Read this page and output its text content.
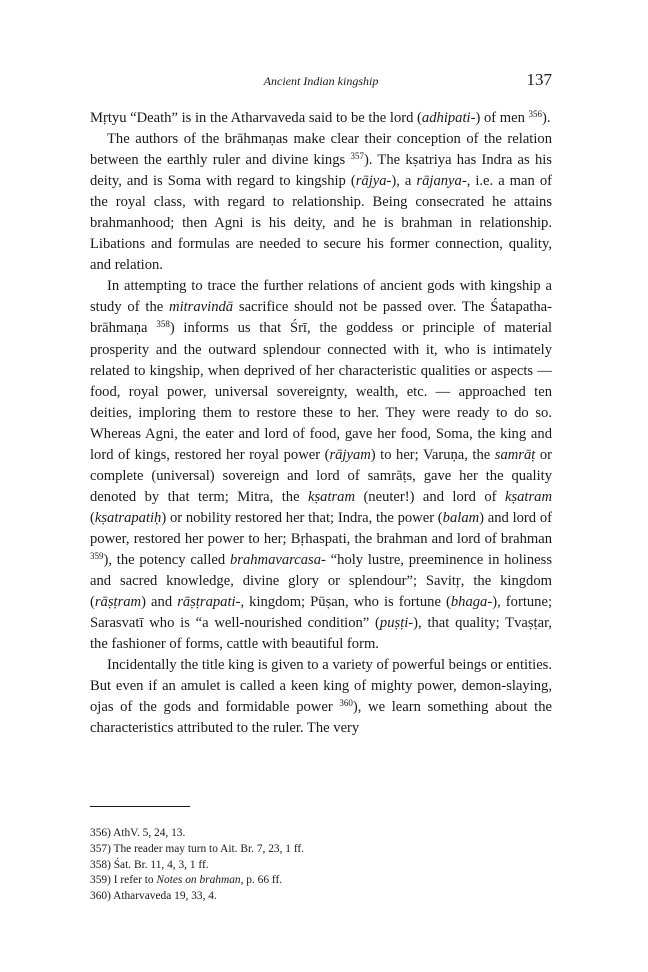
Ancient Indian kingship	137

Mṛtyu “Death” is in the Atharvaveda said to be the lord (adhipati-) of men $^{356}$).

The authors of the brāhmaṇas make clear their conception of the relation between the earthly ruler and divine kings $^{357}$). The kṣatriya has Indra as his deity, and is Soma with regard to kingship (rājya-), a rājanya-, i.e. a man of the royal class, with regard to relationship. Being consecrated he attains brahmanhood; then Agni is his deity, and he is brahman in relationship. Libations and formulas are needed to secure his former connection, quality, and relation.

In attempting to trace the further relations of ancient gods with kingship a study of the mitravindā sacrifice should not be passed over. The Śatapatha-brāhmaṇa $^{358}$) informs us that Śrī, the goddess or principle of material prosperity and the outward splendour connected with it, who is intimately related to kingship, when deprived of her characteristic qualities or aspects — food, royal power, universal sovereignty, wealth, etc. — approached ten deities, imploring them to restore these to her. They were ready to do so. Whereas Agni, the eater and lord of food, gave her food, Soma, the king and lord of kings, restored her royal power (rājyam) to her; Varuṇa, the samrāṭ or complete (universal) sovereign and lord of samrāṭs, gave her the quality denoted by that term; Mitra, the kṣatram (neuter!) and lord of kṣatram (kṣatrapatiḥ) or nobility restored her that; Indra, the power (balam) and lord of power, restored her power to her; Bṛhaspati, the brahman and lord of brahman $^{359}$), the potency called brahmavarcasa- “holy lustre, preeminence in holiness and sacred knowledge, divine glory or splendour”; Savitṛ, the kingdom (rāṣṭram) and rāṣṭrapati-, kingdom; Pūṣan, who is fortune (bhaga-), fortune; Sarasvatī who is “a well-nourished condition” (puṣṭi-), that quality; Tvaṣṭar, the fashioner of forms, cattle with beautiful form.

Incidentally the title king is given to a variety of powerful beings or entities. But even if an amulet is called a keen king of mighty power, demon-slaying, ojas of the gods and formidable power $^{360}$), we learn something about the characteristics attributed to the ruler. The very

356) AthV. 5, 24, 13.
357) The reader may turn to Ait. Br. 7, 23, 1 ff.
358) Śat. Br. 11, 4, 3, 1 ff.
359) I refer to Notes on brahman, p. 66 ff.
360) Atharvaveda 19, 33, 4.
